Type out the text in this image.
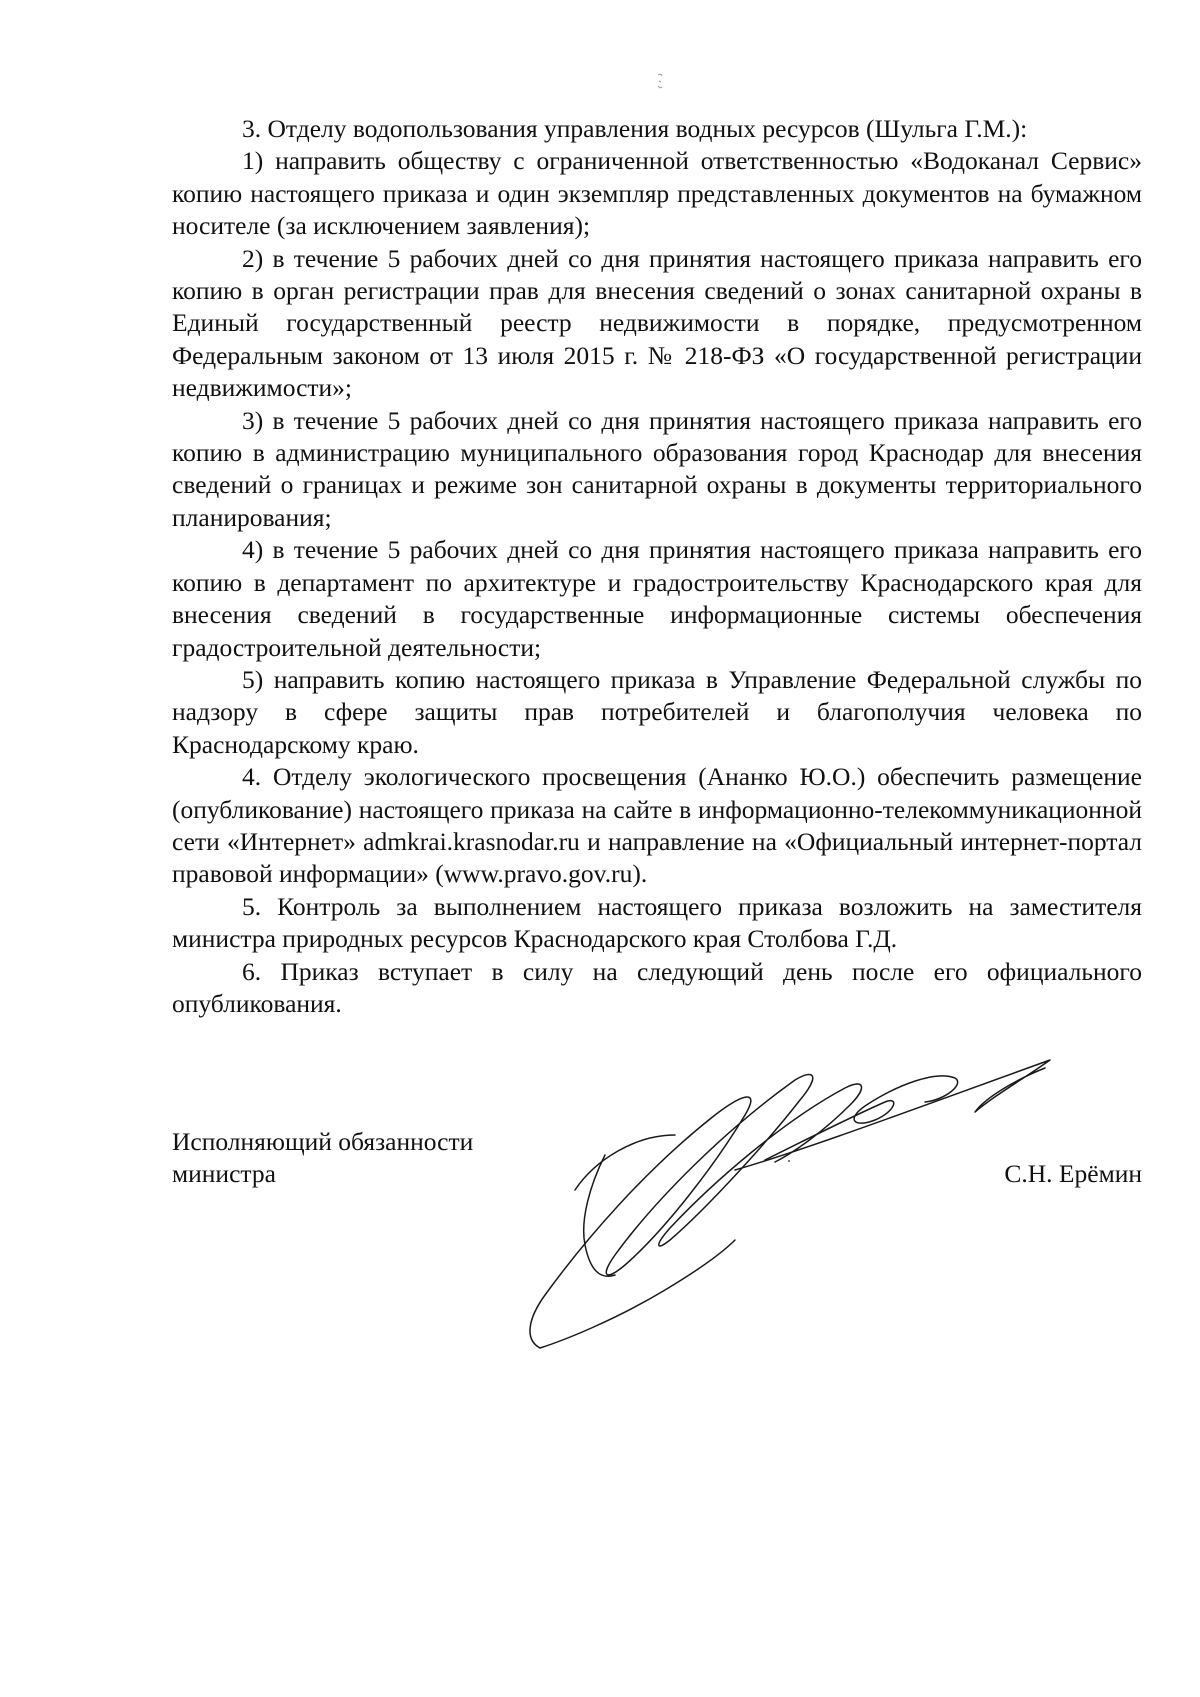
3. Отделу водопользования управления водных ресурсов (Шульга Г.М.):

1) направить обществу с ограниченной ответственностью «Водоканал Сервис» копию настоящего приказа и один экземпляр представленных документов на бумажном носителе (за исключением заявления);

2) в течение 5 рабочих дней со дня принятия настоящего приказа направить его копию в орган регистрации прав для внесения сведений о зонах санитарной охраны в Единый государственный реестр недвижимости в порядке, предусмотренном Федеральным законом от 13 июля 2015 г. № 218-ФЗ «О государственной регистрации недвижимости»;

3) в течение 5 рабочих дней со дня принятия настоящего приказа направить его копию в администрацию муниципального образования город Краснодар для внесения сведений о границах и режиме зон санитарной охраны в документы территориального планирования;

4) в течение 5 рабочих дней со дня принятия настоящего приказа направить его копию в департамент по архитектуре и градостроительству Краснодарского края для внесения сведений в государственные информационные системы обеспечения градостроительной деятельности;

5) направить копию настоящего приказа в Управление Федеральной службы по надзору в сфере защиты прав потребителей и благополучия человека по Краснодарскому краю.

4. Отделу экологического просвещения (Ананко Ю.О.) обеспечить размещение (опубликование) настоящего приказа на сайте в информационно-телекоммуникационной сети «Интернет» admkrai.krasnodar.ru и направление на «Официальный интернет-портал правовой информации» (www.pravo.gov.ru).

5. Контроль за выполнением настоящего приказа возложить на заместителя министра природных ресурсов Краснодарского края Столбова Г.Д.

6. Приказ вступает в силу на следующий день после его официального опубликования.

Исполняющий обязанности
министра	С.Н. Ерёмин
